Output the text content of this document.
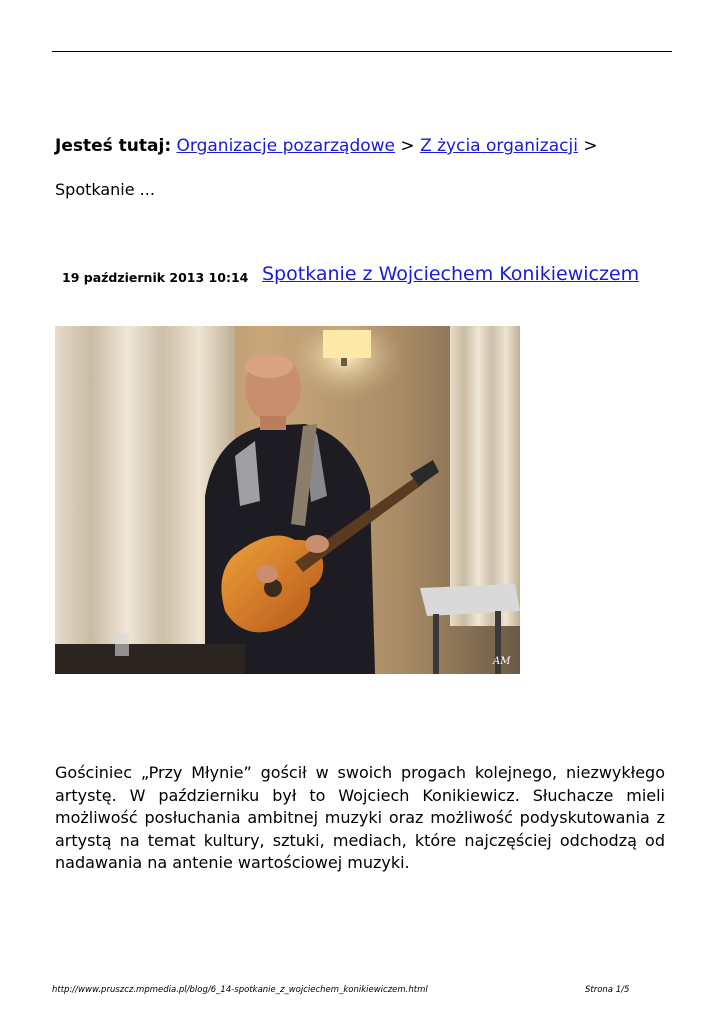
Jesteś tutaj: Organizacje pozarządowe > Z życia organizacji >
Spotkanie ...
19 październik 2013 10:14 Spotkanie z Wojciechem Konikiewiczem
AM
Gościniec „Przy Młynie” gościł w swoich progach kolejnego, niezwykłego artystę. W październiku był to Wojciech Konikiewicz. Słuchacze mieli możliwość posłuchania ambitnej muzyki oraz możliwość podyskutowania z artystą na temat kultury, sztuki, mediach, które najczęściej odchodzą od nadawania na antenie wartościowej muzyki.
http://www.pruszcz.mpmedia.pl/blog/6_14-spotkanie_z_wojciechem_konikiewiczem.html	Strona 1/5
